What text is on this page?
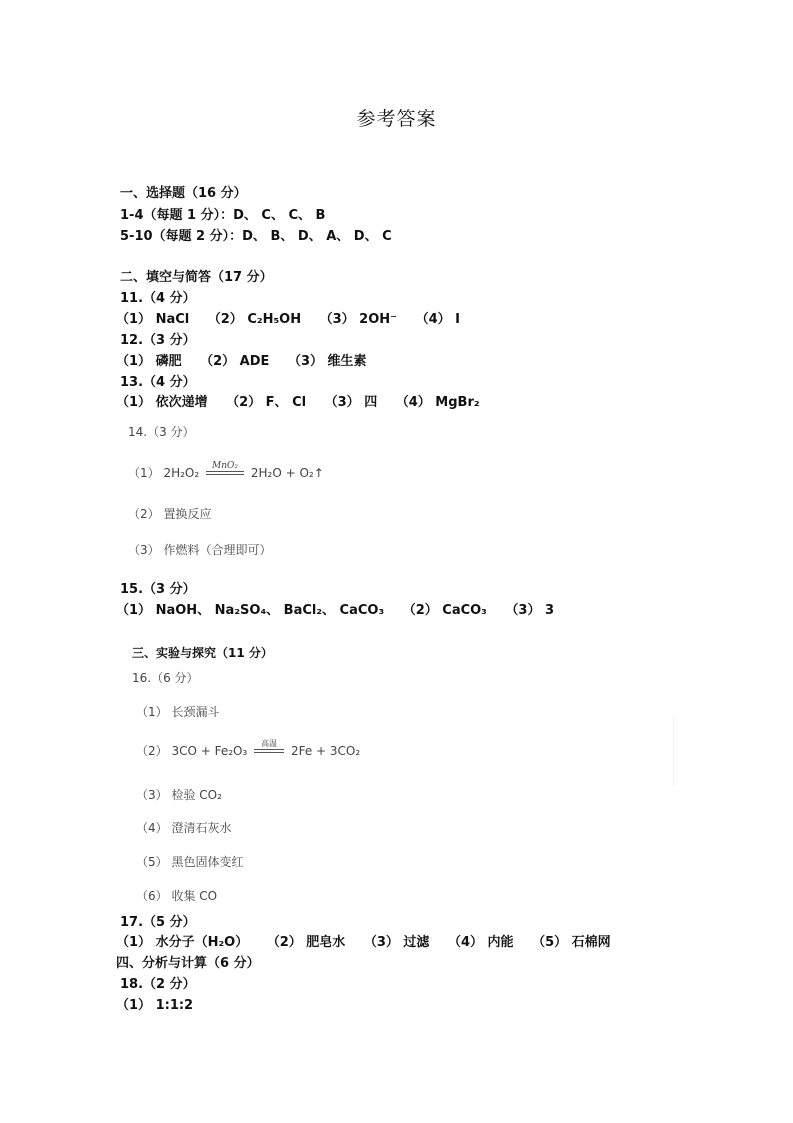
参考答案
一、选择题（16 分）
1-4（每题 1 分）：D、 C、 C、 B
5-10（每题 2 分）：D、 B、 D、 A、 D、 C
二、填空与简答（17 分）
11.（4 分）
（1） NaCl （2） C₂H₅OH （3） 2OH⁻ （4） I
12.（3 分）
（1） 磷肥 （2） ADE （3） 维生素
13.（4 分）
（1） 依次递增 （2） F、 Cl （3） 四 （4） MgBr₂
14.（3 分）
（1） 2H₂O₂
MnO₂
2H₂O + O₂↑
（2） 置换反应
（3） 作燃料（合理即可）
15.（3 分）
（1） NaOH、 Na₂SO₄、 BaCl₂、 CaCO₃ （2） CaCO₃ （3） 3
三、实验与探究（11 分）
16.（6 分）
（1） 长颈漏斗
（2） 3CO + Fe₂O₃
高温
2Fe + 3CO₂
（3） 检验 CO₂
（4） 澄清石灰水
（5） 黑色固体变红
（6） 收集 CO
17.（5 分）
（1） 水分子（H₂O） （2） 肥皂水 （3） 过滤 （4） 内能 （5） 石棉网
四、分析与计算（6 分）
18.（2 分）
（1） 1:1:2
